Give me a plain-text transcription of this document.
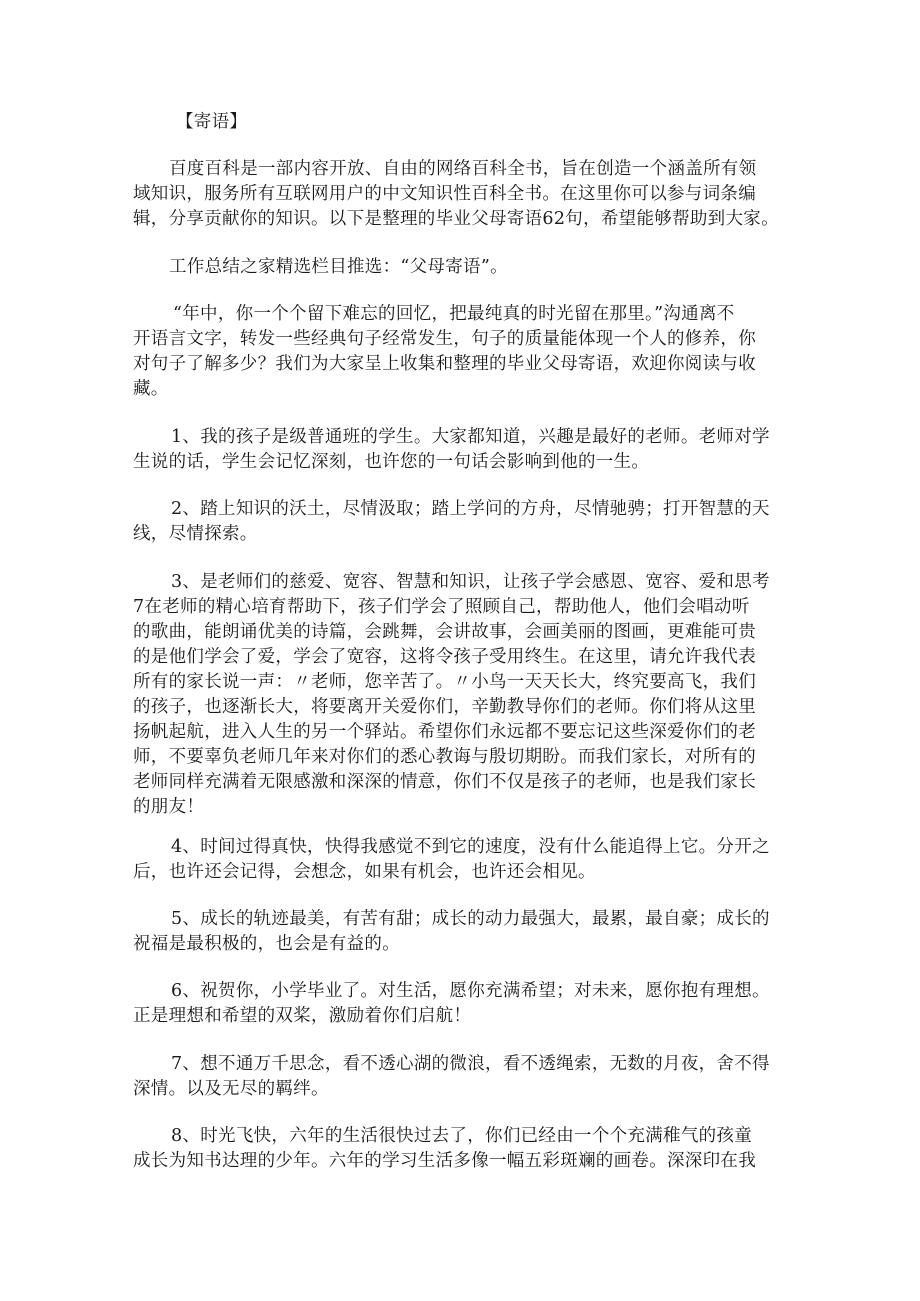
【寄语】
百度百科是一部内容开放、自由的网络百科全书，旨在创造一个涵盖所有领
域知识，服务所有互联网用户的中文知识性百科全书。在这里你可以参与词条编
辑，分享贡献你的知识。以下是整理的毕业父母寄语62句，希望能够帮助到大家。
工作总结之家精选栏目推选：“父母寄语”。
“年中，你一个个留下难忘的回忆，把最纯真的时光留在那里。”沟通离不
开语言文字，转发一些经典句子经常发生，句子的质量能体现一个人的修养，你
对句子了解多少？我们为大家呈上收集和整理的毕业父母寄语，欢迎你阅读与收
藏。
1、我的孩子是级普通班的学生。大家都知道，兴趣是最好的老师。老师对学
生说的话，学生会记忆深刻，也许您的一句话会影响到他的一生。
2、踏上知识的沃土，尽情汲取；踏上学问的方舟，尽情驰骋；打开智慧的天
线，尽情探索。
3、是老师们的慈爱、宽容、智慧和知识，让孩子学会感恩、宽容、爱和思考
7在老师的精心培育帮助下，孩子们学会了照顾自己，帮助他人，他们会唱动听
的歌曲，能朗诵优美的诗篇，会跳舞，会讲故事，会画美丽的图画，更难能可贵
的是他们学会了爱，学会了宽容，这将令孩子受用终生。在这里，请允许我代表
所有的家长说一声：〃老师，您辛苦了。〃小鸟一天天长大，终究要高飞，我们
的孩子，也逐渐长大，将要离开关爱你们，辛勤教导你们的老师。你们将从这里
扬帆起航，进入人生的另一个驿站。希望你们永远都不要忘记这些深爱你们的老
师，不要辜负老师几年来对你们的悉心教诲与殷切期盼。而我们家长，对所有的
老师同样充满着无限感激和深深的情意，你们不仅是孩子的老师，也是我们家长
的朋友！
4、时间过得真快，快得我感觉不到它的速度，没有什么能追得上它。分开之
后，也许还会记得，会想念，如果有机会，也许还会相见。
5、成长的轨迹最美，有苦有甜；成长的动力最强大，最累，最自豪；成长的
祝福是最积极的，也会是有益的。
6、祝贺你，小学毕业了。对生活，愿你充满希望；对未来，愿你抱有理想。
正是理想和希望的双桨，激励着你们启航！
7、想不通万千思念，看不透心湖的微浪，看不透绳索，无数的月夜，舍不得
深情。以及无尽的羁绊。
8、时光飞快，六年的生活很快过去了，你们已经由一个个充满稚气的孩童
成长为知书达理的少年。六年的学习生活多像一幅五彩斑斓的画卷。深深印在我
